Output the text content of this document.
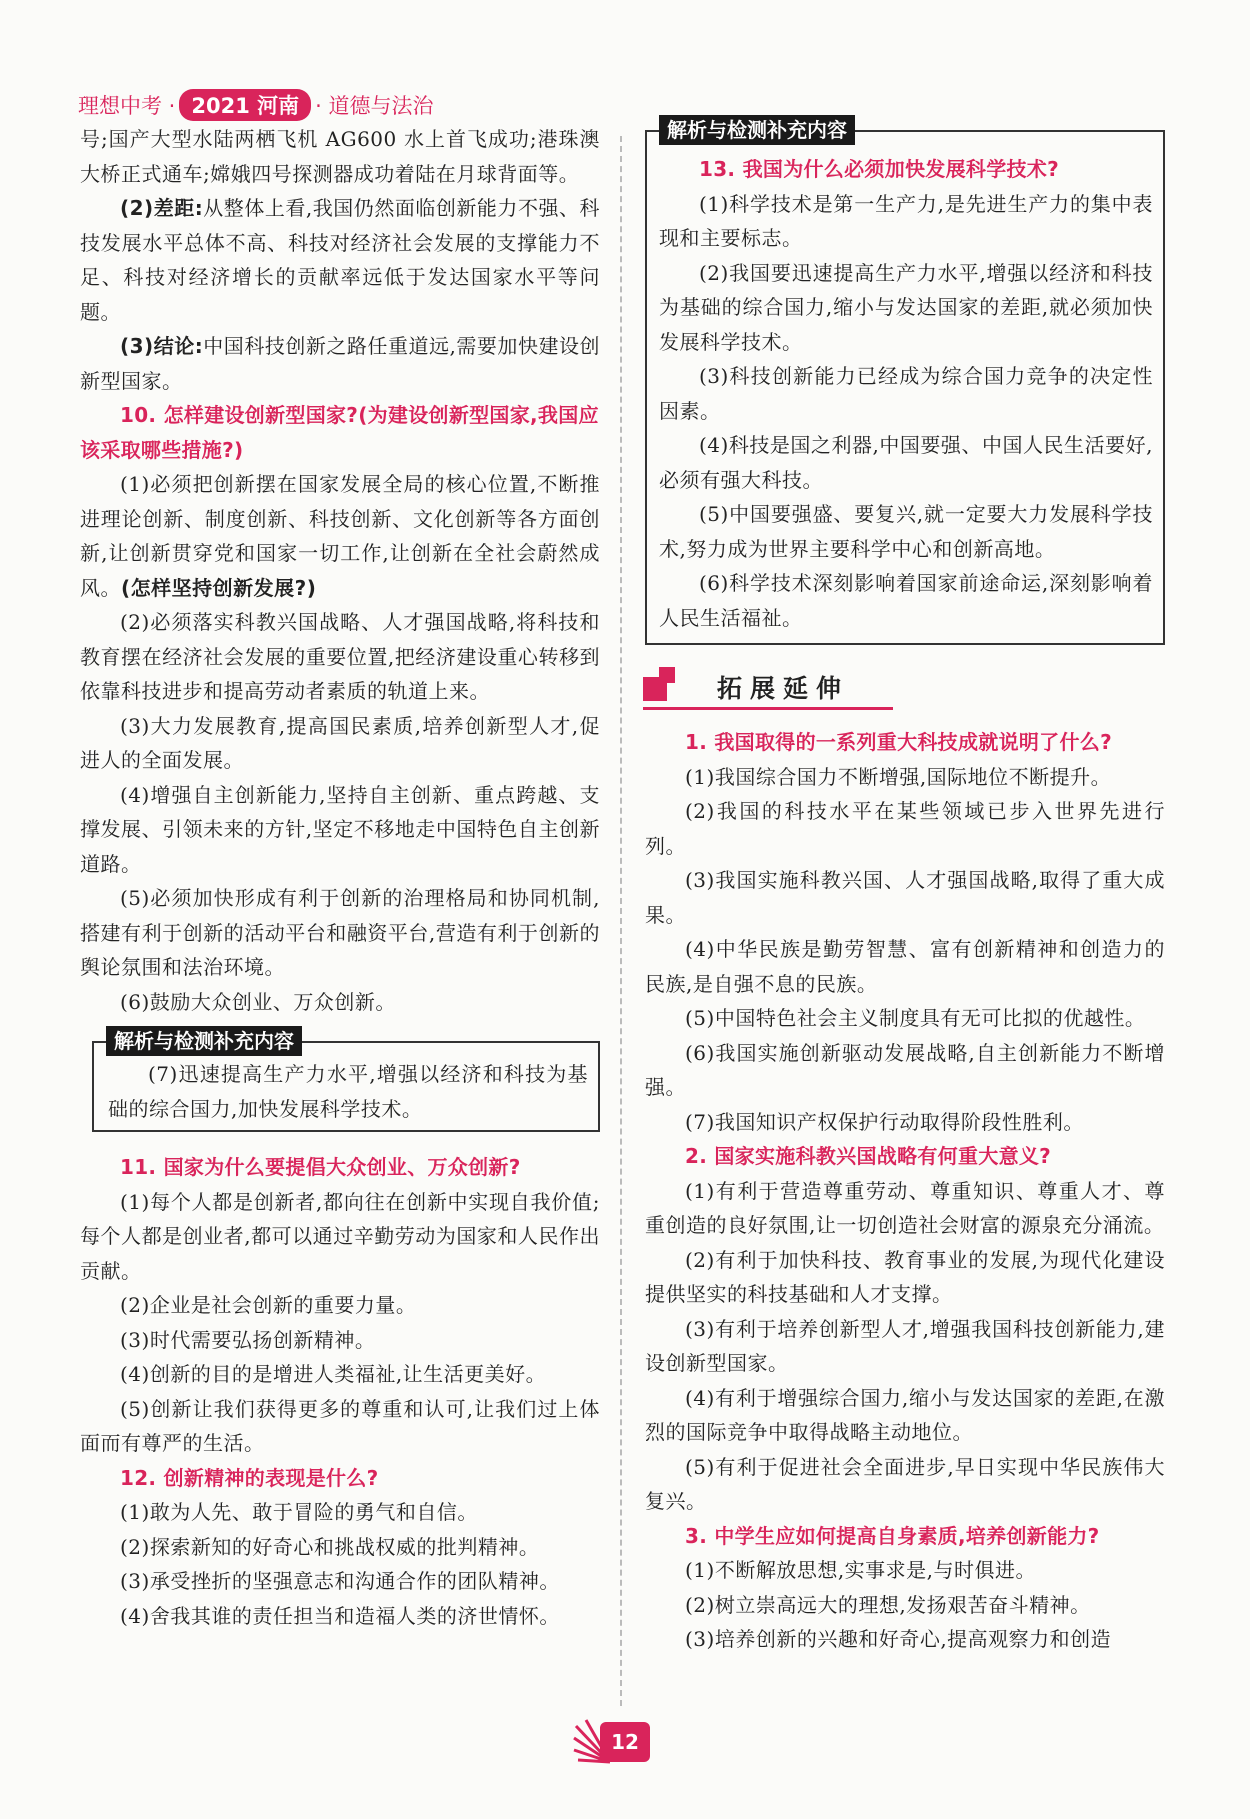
理想中考 · 2021 河南 · 道德与法治

号;国产大型水陆两栖飞机 AG600 水上首飞成功;港珠澳大桥正式通车;嫦娥四号探测器成功着陆在月球背面等。

(2)差距:从整体上看,我国仍然面临创新能力不强、科技发展水平总体不高、科技对经济社会发展的支撑能力不足、科技对经济增长的贡献率远低于发达国家水平等问题。

(3)结论:中国科技创新之路任重道远,需要加快建设创新型国家。

10. 怎样建设创新型国家?(为建设创新型国家,我国应该采取哪些措施?)

(1)必须把创新摆在国家发展全局的核心位置,不断推进理论创新、制度创新、科技创新、文化创新等各方面创新,让创新贯穿党和国家一切工作,让创新在全社会蔚然成风。(怎样坚持创新发展?)

(2)必须落实科教兴国战略、人才强国战略,将科技和教育摆在经济社会发展的重要位置,把经济建设重心转移到依靠科技进步和提高劳动者素质的轨道上来。

(3)大力发展教育,提高国民素质,培养创新型人才,促进人的全面发展。

(4)增强自主创新能力,坚持自主创新、重点跨越、支撑发展、引领未来的方针,坚定不移地走中国特色自主创新道路。

(5)必须加快形成有利于创新的治理格局和协同机制,搭建有利于创新的活动平台和融资平台,营造有利于创新的舆论氛围和法治环境。

(6)鼓励大众创业、万众创新。

解析与检测补充内容

(7)迅速提高生产力水平,增强以经济和科技为基础的综合国力,加快发展科学技术。

11. 国家为什么要提倡大众创业、万众创新?

(1)每个人都是创新者,都向往在创新中实现自我价值;每个人都是创业者,都可以通过辛勤劳动为国家和人民作出贡献。

(2)企业是社会创新的重要力量。

(3)时代需要弘扬创新精神。

(4)创新的目的是增进人类福祉,让生活更美好。

(5)创新让我们获得更多的尊重和认可,让我们过上体面而有尊严的生活。

12. 创新精神的表现是什么?

(1)敢为人先、敢于冒险的勇气和自信。

(2)探索新知的好奇心和挑战权威的批判精神。

(3)承受挫折的坚强意志和沟通合作的团队精神。

(4)舍我其谁的责任担当和造福人类的济世情怀。

解析与检测补充内容

13. 我国为什么必须加快发展科学技术?

(1)科学技术是第一生产力,是先进生产力的集中表现和主要标志。

(2)我国要迅速提高生产力水平,增强以经济和科技为基础的综合国力,缩小与发达国家的差距,就必须加快发展科学技术。

(3)科技创新能力已经成为综合国力竞争的决定性因素。

(4)科技是国之利器,中国要强、中国人民生活要好,必须有强大科技。

(5)中国要强盛、要复兴,就一定要大力发展科学技术,努力成为世界主要科学中心和创新高地。

(6)科学技术深刻影响着国家前途命运,深刻影响着人民生活福祉。

拓展延伸

1. 我国取得的一系列重大科技成就说明了什么?

(1)我国综合国力不断增强,国际地位不断提升。

(2)我国的科技水平在某些领域已步入世界先进行列。

(3)我国实施科教兴国、人才强国战略,取得了重大成果。

(4)中华民族是勤劳智慧、富有创新精神和创造力的民族,是自强不息的民族。

(5)中国特色社会主义制度具有无可比拟的优越性。

(6)我国实施创新驱动发展战略,自主创新能力不断增强。

(7)我国知识产权保护行动取得阶段性胜利。

2. 国家实施科教兴国战略有何重大意义?

(1)有利于营造尊重劳动、尊重知识、尊重人才、尊重创造的良好氛围,让一切创造社会财富的源泉充分涌流。

(2)有利于加快科技、教育事业的发展,为现代化建设提供坚实的科技基础和人才支撑。

(3)有利于培养创新型人才,增强我国科技创新能力,建设创新型国家。

(4)有利于增强综合国力,缩小与发达国家的差距,在激烈的国际竞争中取得战略主动地位。

(5)有利于促进社会全面进步,早日实现中华民族伟大复兴。

3. 中学生应如何提高自身素质,培养创新能力?

(1)不断解放思想,实事求是,与时俱进。

(2)树立崇高远大的理想,发扬艰苦奋斗精神。

(3)培养创新的兴趣和好奇心,提高观察力和创造

12
